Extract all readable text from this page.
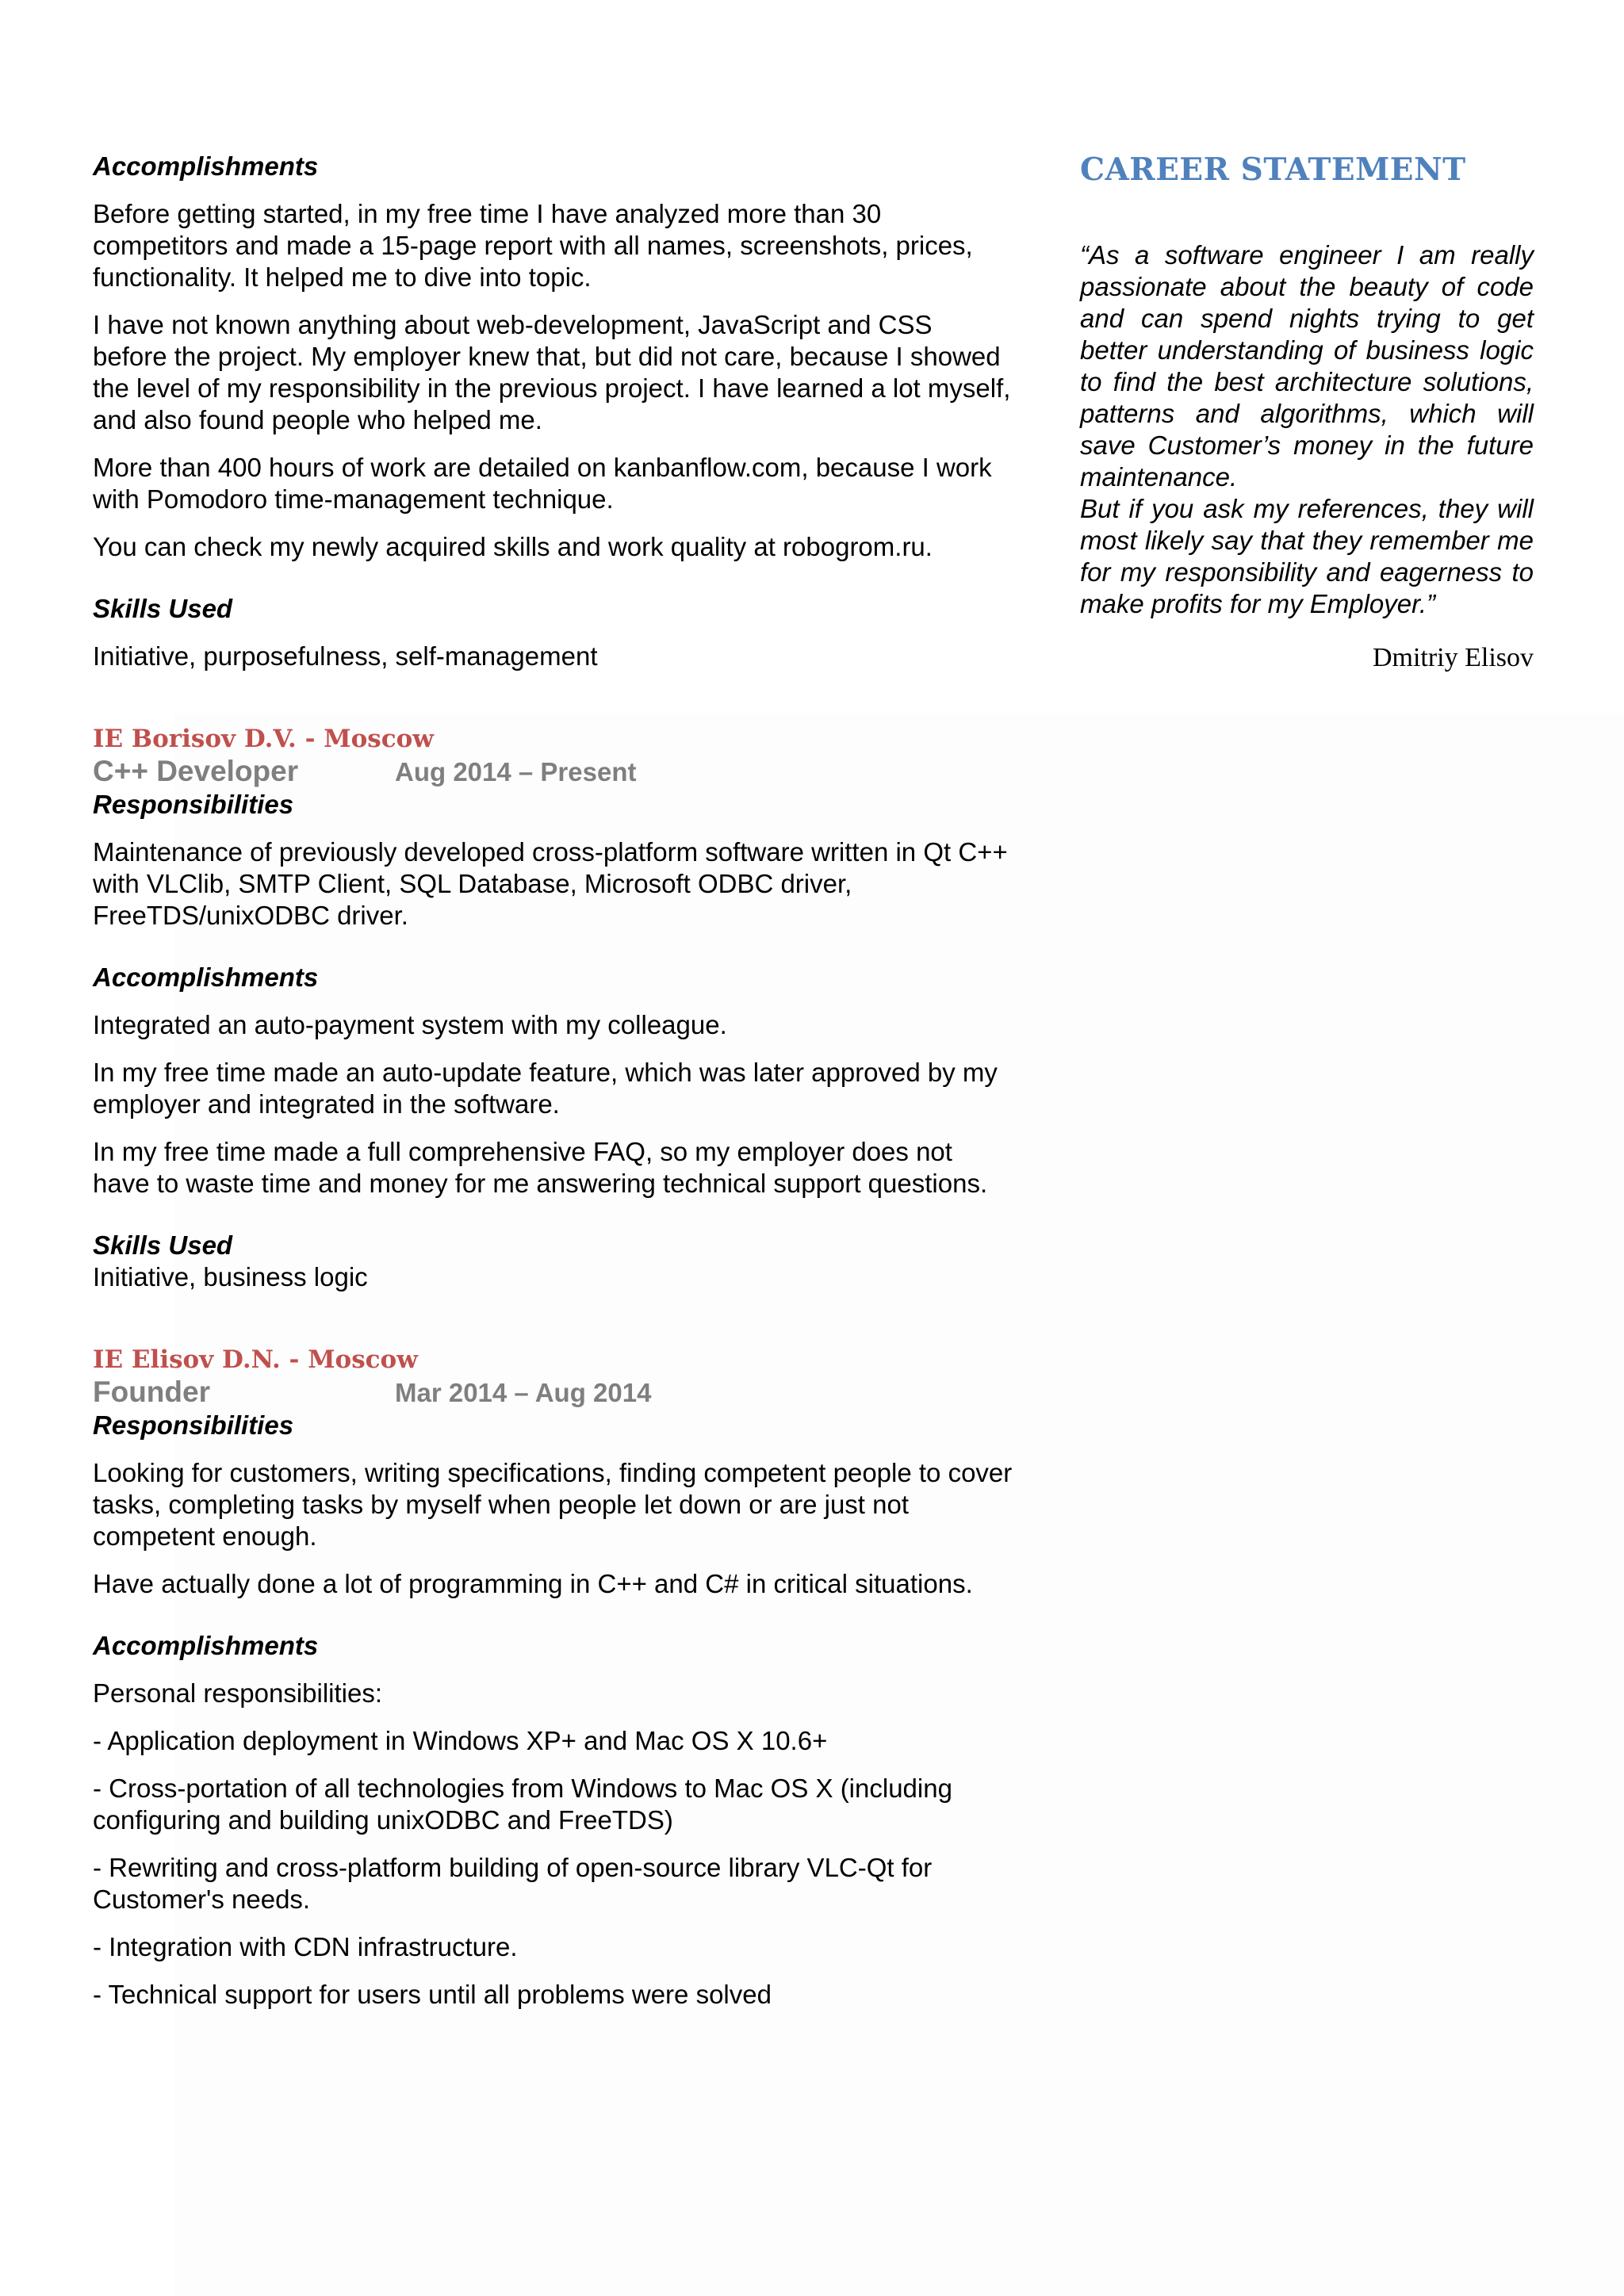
Accomplishments

Before getting started, in my free time I have analyzed more than 30 competitors and made a 15-page report with all names, screenshots, prices, functionality. It helped me to dive into topic.

I have not known anything about web-development, JavaScript and CSS before the project. My employer knew that, but did not care, because I showed the level of my responsibility in the previous project. I have learned a lot myself, and also found people who helped me.

More than 400 hours of work are detailed on kanbanflow.com, because I work with Pomodoro time-management technique.

You can check my newly acquired skills and work quality at robogrom.ru.

Skills Used

Initiative, purposefulness, self-management

IE Borisov D.V. - Moscow

C++ Developer	Aug 2014 – Present

Responsibilities

Maintenance of previously developed cross-platform software written in Qt C++ with VLClib, SMTP Client, SQL Database, Microsoft ODBC driver, FreeTDS/unixODBC driver.

Accomplishments

Integrated an auto-payment system with my colleague.

In my free time made an auto-update feature, which was later approved by my employer and integrated in the software.

In my free time made a full comprehensive FAQ, so my employer does not have to waste time and money for me answering technical support questions.

Skills Used

Initiative, business logic

IE Elisov D.N. - Moscow

Founder	Mar 2014 – Aug 2014

Responsibilities

Looking for customers, writing specifications, finding competent people to cover tasks, completing tasks by myself when people let down or are just not competent enough.

Have actually done a lot of programming in C++ and C# in critical situations.

Accomplishments

Personal responsibilities:

- Application deployment in Windows XP+ and Mac OS X 10.6+

- Cross-portation of all technologies from Windows to Mac OS X (including configuring and building unixODBC and FreeTDS)

- Rewriting and cross-platform building of open-source library VLC-Qt for Customer's needs.

- Integration with CDN infrastructure.

- Technical support for users until all problems were solved

CAREER STATEMENT

“As a software engineer I am really passionate about the beauty of code and can spend nights trying to get better understanding of business logic to find the best architecture solutions, patterns and algorithms, which will save Customer’s money in the future maintenance.

But if you ask my references, they will most likely say that they remember me for my responsibility and eagerness to make profits for my Employer.”

Dmitriy Elisov
